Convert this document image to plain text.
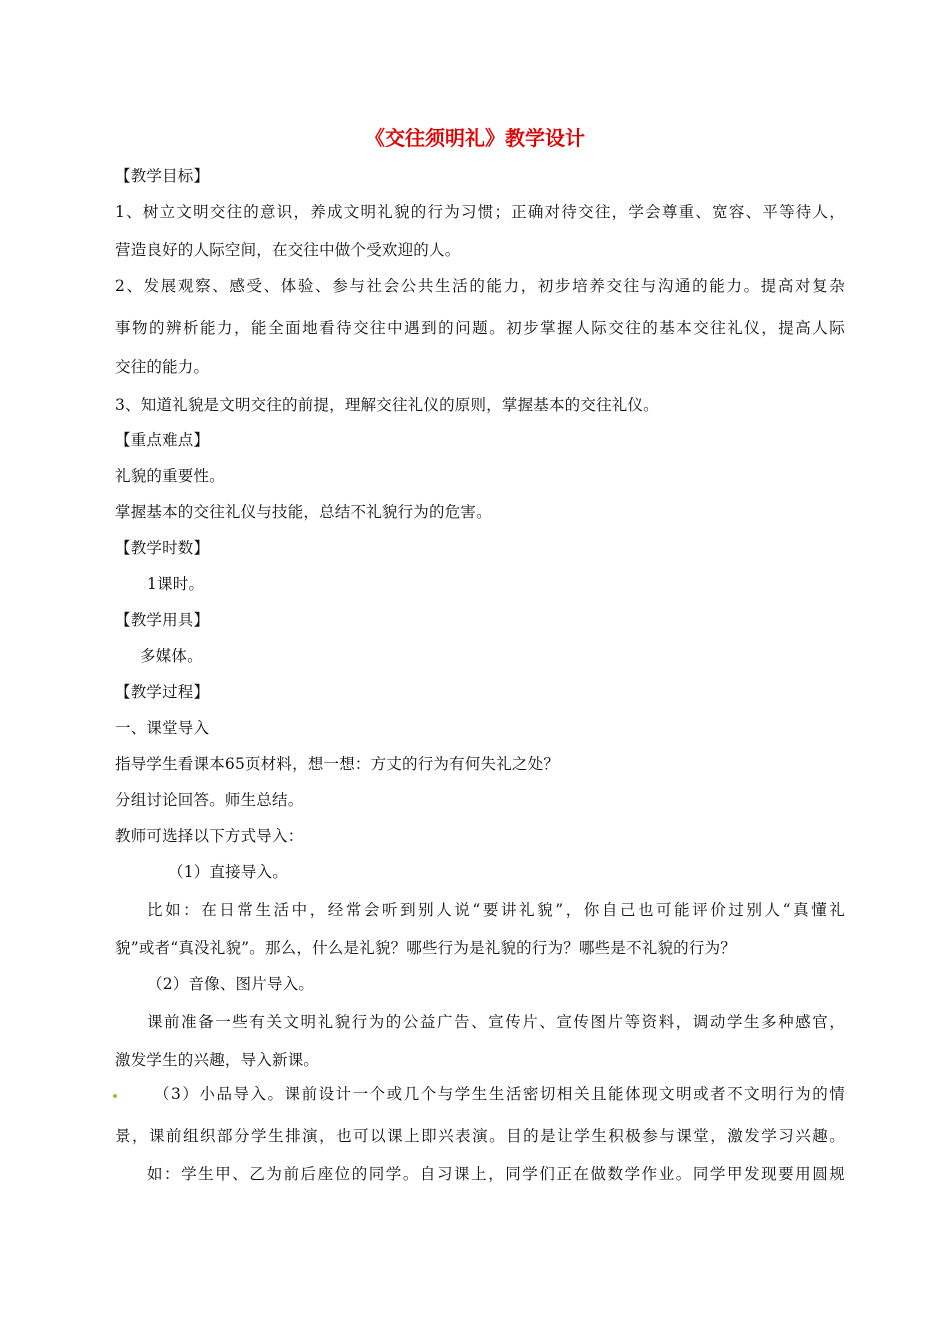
《交往须明礼》教学设计
【教学目标】
1、树立文明交往的意识，养成文明礼貌的行为习惯；正确对待交往，学会尊重、宽容、平等待人，
营造良好的人际空间，在交往中做个受欢迎的人。
2、发展观察、感受、体验、参与社会公共生活的能力，初步培养交往与沟通的能力。提高对复杂
事物的辨析能力，能全面地看待交往中遇到的问题。初步掌握人际交往的基本交往礼仪，提高人际
交往的能力。
3、知道礼貌是文明交往的前提，理解交往礼仪的原则，掌握基本的交往礼仪。
【重点难点】
礼貌的重要性。
掌握基本的交往礼仪与技能，总结不礼貌行为的危害。
【教学时数】
1课时。
【教学用具】
多媒体。
【教学过程】
一、课堂导入
指导学生看课本65页材料，想一想：方丈的行为有何失礼之处？
分组讨论回答。师生总结。
教师可选择以下方式导入：
（1）直接导入。
比如：在日常生活中，经常会听到别人说“要讲礼貌”，你自己也可能评价过别人“真懂礼
貌”或者“真没礼貌”。那么，什么是礼貌？哪些行为是礼貌的行为？哪些是不礼貌的行为？
（2）音像、图片导入。
课前准备一些有关文明礼貌行为的公益广告、宣传片、宣传图片等资料，调动学生多种感官，
激发学生的兴趣，导入新课。
（3）小品导入。课前设计一个或几个与学生生活密切相关且能体现文明或者不文明行为的情
景，课前组织部分学生排演，也可以课上即兴表演。目的是让学生积极参与课堂，激发学习兴趣。
如：学生甲、乙为前后座位的同学。自习课上，同学们正在做数学作业。同学甲发现要用圆规
